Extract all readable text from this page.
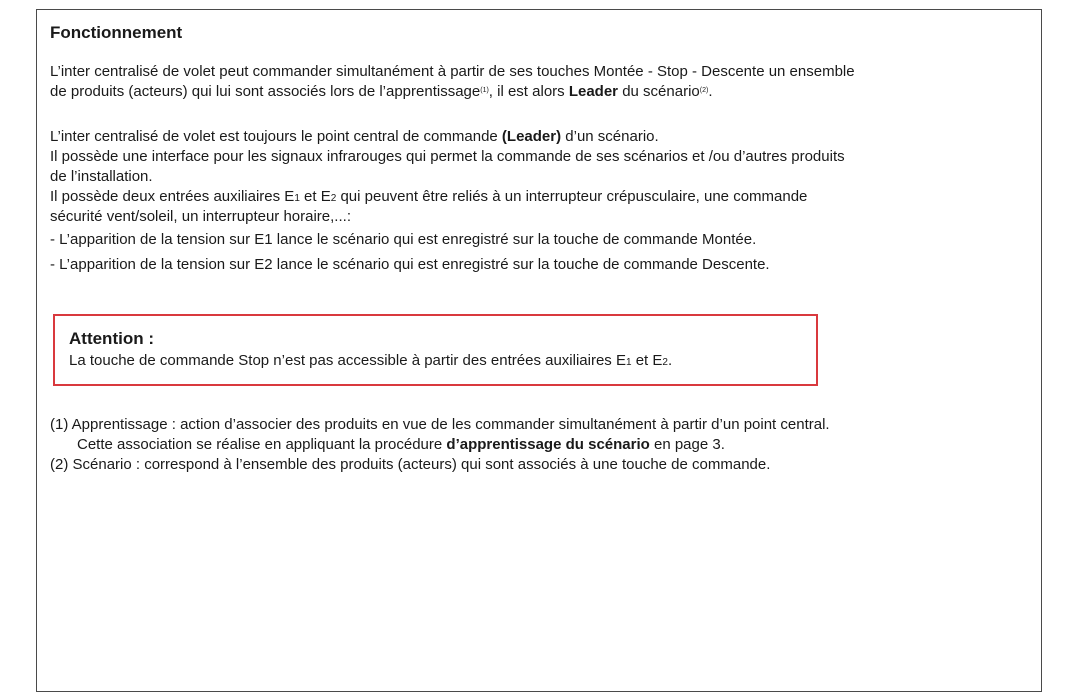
Fonctionnement

L’inter centralisé de volet peut commander simultanément à partir de ses touches Montée - Stop - Descente un ensemble

de produits (acteurs) qui lui sont associés lors de l’apprentissage$^{(1)}$, il est alors Leader du scénario$^{(2)}$.

L’inter centralisé de volet est toujours le point central de commande (Leader) d’un scénario.

Il possède une interface pour les signaux infrarouges qui permet la commande de ses scénarios et /ou d’autres produits

de l’installation.

Il possède deux entrées auxiliaires E1 et E2 qui peuvent être reliés à un interrupteur crépusculaire, une commande

sécurité vent/soleil, un interrupteur horaire,...:

- L’apparition de la tension sur E1 lance le scénario qui est enregistré sur la touche de commande Montée.

- L’apparition de la tension sur E2 lance le scénario qui est enregistré sur la touche de commande Descente.

Attention :

La touche de commande Stop n’est pas accessible à partir des entrées auxiliaires E1 et E2.

(1) Apprentissage : action d’associer des produits en vue de les commander simultanément à partir d’un point central.

Cette association se réalise en appliquant la procédure d’apprentissage du scénario en page 3.

(2) Scénario : correspond à l’ensemble des produits (acteurs) qui sont associés à une touche de commande.
